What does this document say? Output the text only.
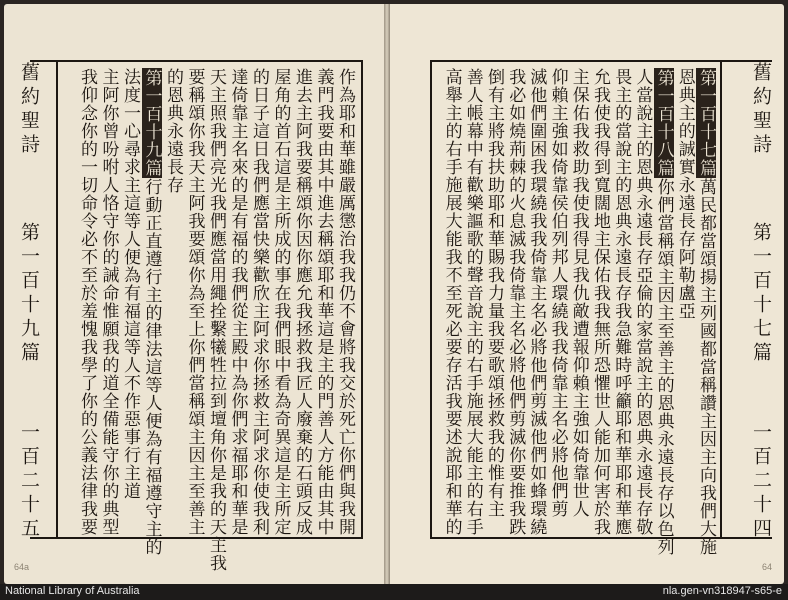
64a
舊約聖詩
第一百十九篇
一百二十五	作為耶和華雖嚴厲懲治我我仍不會將我交於死亡你們與我開
義門我要由其中進去稱頌耶和華這是主的門善人方能由其中
進去主阿我要稱頌你因你應允我拯救我匠人廢棄的石頭反成
屋角的首石這是主所成的事在我們眼中看為奇異這是主所定
的日子這日我們應當快樂歡欣主阿求你拯救主阿求你使我利
達倚靠主名來的是有福的我們從主殿中為你們求福耶和華是
天主照我們亮光我們應當用繩拴繫犧牲拉到壇角你是我的天主我
要稱頌你我天主阿我要頌你為至上你們當稱頌主因主至善主
的恩典永遠長存
第一百十九篇行動正直遵行主的律法這等人便為有福遵守主的
法度一心尋求主這等人便為有福這等人不作惡事行主道
主阿你曾吩咐人恪守你的誡命惟願我的道全備能守你的典型
我仰念你的一切命令必不至於羞愧我學了你的公義法律我要
64
舊約聖詩
第一百十七篇
一百二十四
第一百十七篇萬民都當頌揚主列國都當稱讚主因主向我們大施
恩典主的誠實永遠長存阿勒盧亞
第一百十八篇你們當稱頌主因主至善主的恩典永遠長存以色列
人當說主的恩典永遠長存亞倫的家當說主的恩典永遠長存敬
畏主的當說主的恩典永遠長存我急難時呼籲耶和華耶和華應
允我使我得到寬闊地主保佑我我無所恐懼世人能加何害於我
主保佑我救助我使我得見我仇敵遭報仰賴主強如倚靠世人
仰賴主強如倚靠侯伯列邦人環繞我我倚靠主名必將他們剪
滅他們圍困我環繞我我倚靠主名必將他們剪滅他們如蜂環繞
我必如燒荊棘的火息滅我倚靠主名必將他們剪滅你要推我跌
倒有主將我扶助耶和華賜我力量我要歌頌拯救我的惟有主
善人帳幕中有歡樂謳歌的聲音說主的右手施展大能主的右手
高舉主的右手施展大能我不至死必要存活我要述說耶和華的
National Library of Australia	nla.gen-vn318947-s65-e
